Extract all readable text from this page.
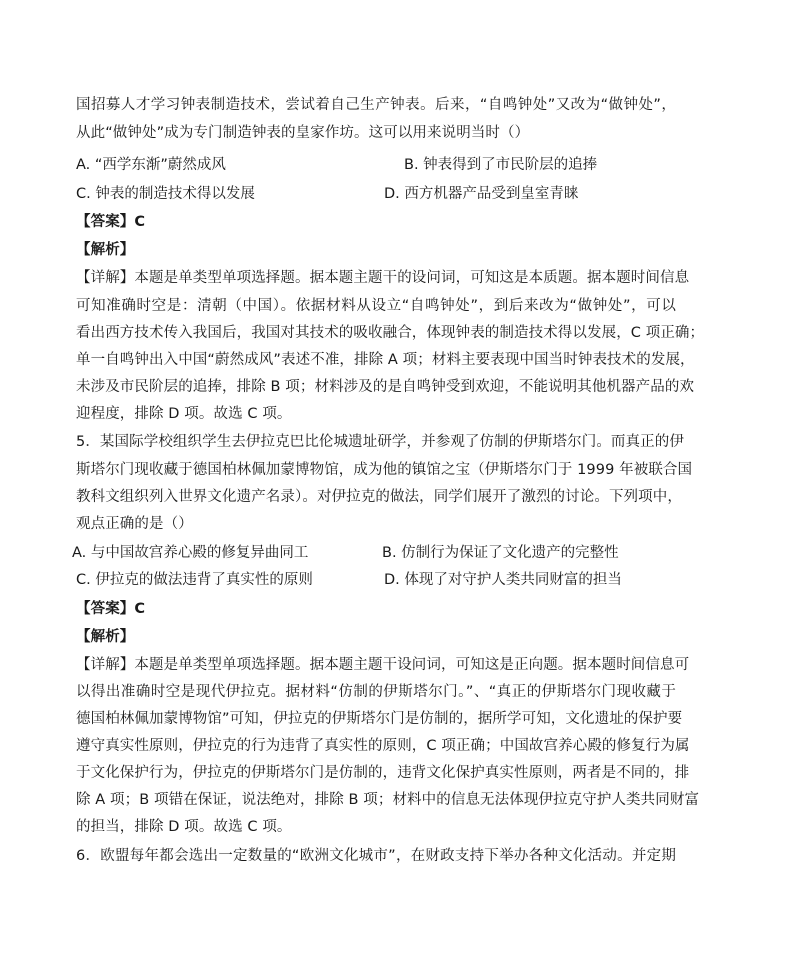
国招募人才学习钟表制造技术，尝试着自己生产钟表。后来，“自鸣钟处”又改为“做钟处”，
从此“做钟处”成为专门制造钟表的皇家作坊。这可以用来说明当时（）
A. “西学东渐”蔚然成风	B. 钟表得到了市民阶层的追捧
C. 钟表的制造技术得以发展	D. 西方机器产品受到皇室青睐
【答案】C
【解析】
【详解】本题是单类型单项选择题。据本题主题干的设问词，可知这是本质题。据本题时间信息
可知准确时空是：清朝（中国）。依据材料从设立“自鸣钟处”，到后来改为“做钟处”，可以
看出西方技术传入我国后，我国对其技术的吸收融合，体现钟表的制造技术得以发展，C 项正确；
单一自鸣钟出入中国“蔚然成风”表述不准，排除 A 项；材料主要表现中国当时钟表技术的发展，
未涉及市民阶层的追捧，排除 B 项；材料涉及的是自鸣钟受到欢迎，不能说明其他机器产品的欢
迎程度，排除 D 项。故选 C 项。
5．某国际学校组织学生去伊拉克巴比伦城遗址研学，并参观了仿制的伊斯塔尔门。而真正的伊
斯塔尔门现收藏于德国柏林佩加蒙博物馆，成为他的镇馆之宝（伊斯塔尔门于 1999 年被联合国
教科文组织列入世界文化遗产名录）。对伊拉克的做法，同学们展开了激烈的讨论。下列项中，
观点正确的是（）
A. 与中国故宫养心殿的修复异曲同工	B. 仿制行为保证了文化遗产的完整性
C. 伊拉克的做法违背了真实性的原则	D. 体现了对守护人类共同财富的担当
【答案】C
【解析】
【详解】本题是单类型单项选择题。据本题主题干设问词，可知这是正向题。据本题时间信息可
以得出准确时空是现代伊拉克。据材料“仿制的伊斯塔尔门。”、“真正的伊斯塔尔门现收藏于
德国柏林佩加蒙博物馆”可知，伊拉克的伊斯塔尔门是仿制的，据所学可知，文化遗址的保护要
遵守真实性原则，伊拉克的行为违背了真实性的原则，C 项正确；中国故宫养心殿的修复行为属
于文化保护行为，伊拉克的伊斯塔尔门是仿制的，违背文化保护真实性原则，两者是不同的，排
除 A 项；B 项错在保证，说法绝对，排除 B 项；材料中的信息无法体现伊拉克守护人类共同财富
的担当，排除 D 项。故选 C 项。
6．欧盟每年都会选出一定数量的“欧洲文化城市”，在财政支持下举办各种文化活动。并定期
